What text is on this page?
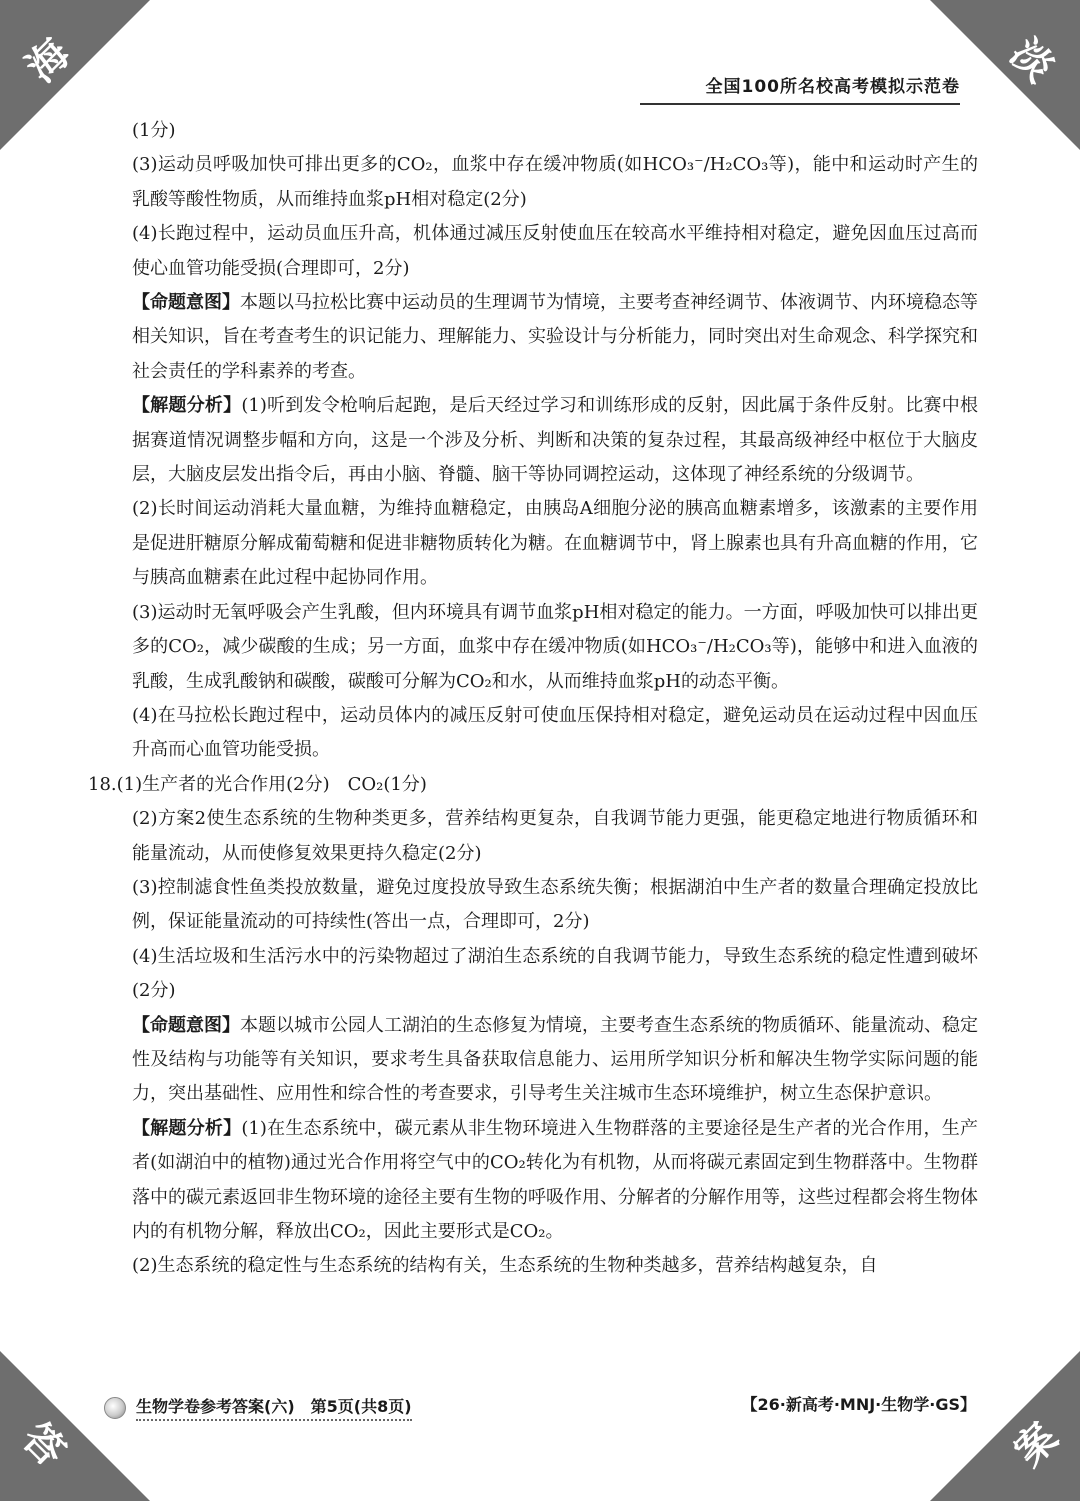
海	淡
答	案
全国100所名校高考模拟示范卷

(1分)

(3)运动员呼吸加快可排出更多的CO₂，血浆中存在缓冲物质(如HCO₃⁻/H₂CO₃等)，能中和运动时产生的乳酸等酸性物质，从而维持血浆pH相对稳定(2分)

(4)长跑过程中，运动员血压升高，机体通过减压反射使血压在较高水平维持相对稳定，避免因血压过高而使心血管功能受损(合理即可，2分)

【命题意图】本题以马拉松比赛中运动员的生理调节为情境，主要考查神经调节、体液调节、内环境稳态等相关知识，旨在考查考生的识记能力、理解能力、实验设计与分析能力，同时突出对生命观念、科学探究和社会责任的学科素养的考查。

【解题分析】(1)听到发令枪响后起跑，是后天经过学习和训练形成的反射，因此属于条件反射。比赛中根据赛道情况调整步幅和方向，这是一个涉及分析、判断和决策的复杂过程，其最高级神经中枢位于大脑皮层，大脑皮层发出指令后，再由小脑、脊髓、脑干等协同调控运动，这体现了神经系统的分级调节。

(2)长时间运动消耗大量血糖，为维持血糖稳定，由胰岛A细胞分泌的胰高血糖素增多，该激素的主要作用是促进肝糖原分解成葡萄糖和促进非糖物质转化为糖。在血糖调节中，肾上腺素也具有升高血糖的作用，它与胰高血糖素在此过程中起协同作用。

(3)运动时无氧呼吸会产生乳酸，但内环境具有调节血浆pH相对稳定的能力。一方面，呼吸加快可以排出更多的CO₂，减少碳酸的生成；另一方面，血浆中存在缓冲物质(如HCO₃⁻/H₂CO₃等)，能够中和进入血液的乳酸，生成乳酸钠和碳酸，碳酸可分解为CO₂和水，从而维持血浆pH的动态平衡。

(4)在马拉松长跑过程中，运动员体内的减压反射可使血压保持相对稳定，避免运动员在运动过程中因血压升高而心血管功能受损。

18.(1)生产者的光合作用(2分)　CO₂(1分)

(2)方案2使生态系统的生物种类更多，营养结构更复杂，自我调节能力更强，能更稳定地进行物质循环和能量流动，从而使修复效果更持久稳定(2分)

(3)控制滤食性鱼类投放数量，避免过度投放导致生态系统失衡；根据湖泊中生产者的数量合理确定投放比例，保证能量流动的可持续性(答出一点，合理即可，2分)

(4)生活垃圾和生活污水中的污染物超过了湖泊生态系统的自我调节能力，导致生态系统的稳定性遭到破坏(2分)

【命题意图】本题以城市公园人工湖泊的生态修复为情境，主要考查生态系统的物质循环、能量流动、稳定性及结构与功能等有关知识，要求考生具备获取信息能力、运用所学知识分析和解决生物学实际问题的能力，突出基础性、应用性和综合性的考查要求，引导考生关注城市生态环境维护，树立生态保护意识。

【解题分析】(1)在生态系统中，碳元素从非生物环境进入生物群落的主要途径是生产者的光合作用，生产者(如湖泊中的植物)通过光合作用将空气中的CO₂转化为有机物，从而将碳元素固定到生物群落中。生物群落中的碳元素返回非生物环境的途径主要有生物的呼吸作用、分解者的分解作用等，这些过程都会将生物体内的有机物分解，释放出CO₂，因此主要形式是CO₂。

(2)生态系统的稳定性与生态系统的结构有关，生态系统的生物种类越多，营养结构越复杂，自

生物学卷参考答案(六)　第5页(共8页)	【26·新高考·MNJ·生物学·GS】
